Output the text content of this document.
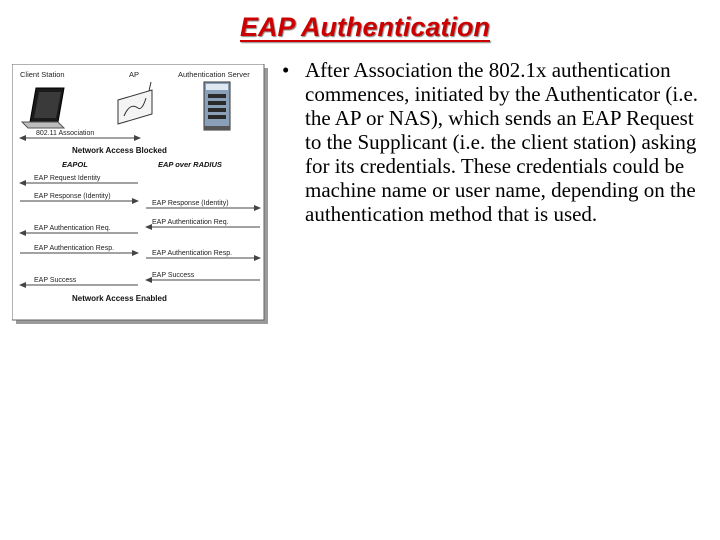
EAP Authentication
Client Station	AP	Authentication Server
802.11 Association
Network Access Blocked
EAPOL	EAP over RADIUS
EAP Request Identity
EAP Response (Identity)
EAP Response (Identity)
EAP Authentication Req.
EAP Authentication Req.
EAP Authentication Resp.
EAP Authentication Resp.
EAP Success
EAP Success
Network Access Enabled
• After Association the 802.1x authentication commences, initiated by the Authenticator (i.e. the AP or NAS), which sends an EAP Request to the Supplicant (i.e. the client station) asking for its credentials. These credentials could be machine name or user name, depending on the authentication method that is used.
